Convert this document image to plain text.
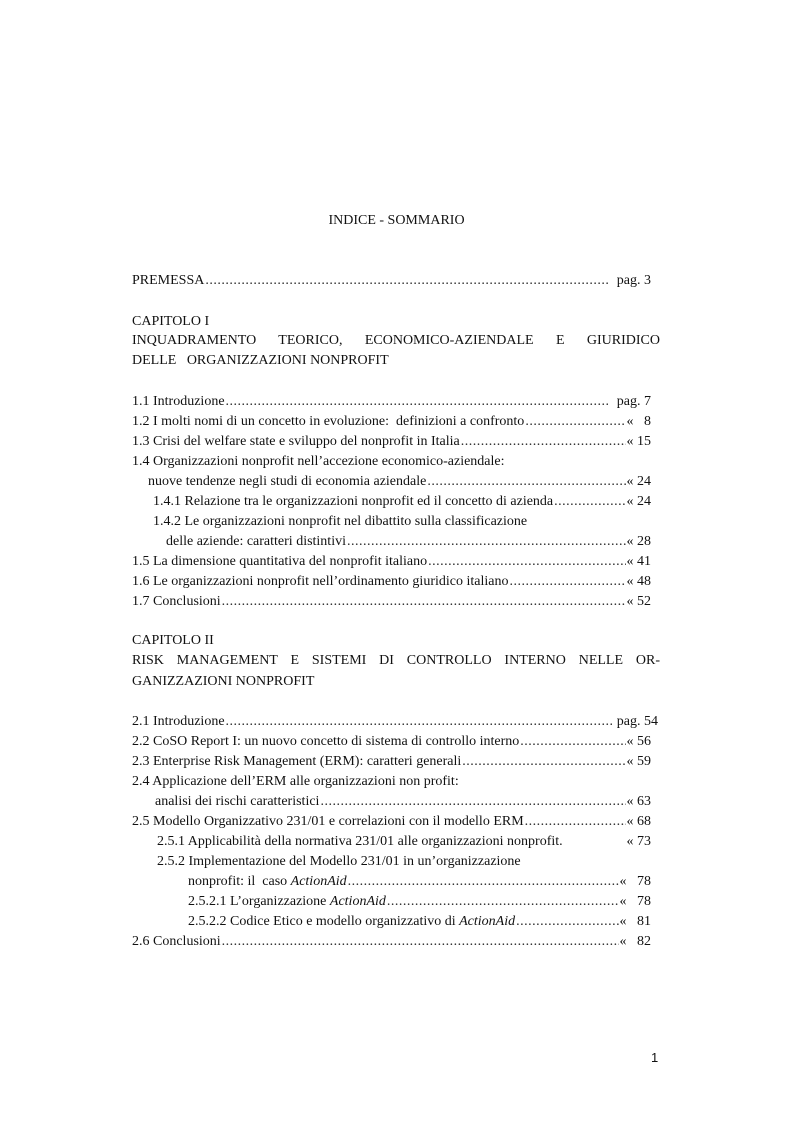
INDICE - SOMMARIO
PREMESSA .....	pag. 3
CAPITOLO I
INQUADRAMENTO TEORICO, ECONOMICO-AZIENDALE E GIURIDICO
DELLE   ORGANIZZAZIONI NONPROFIT
1.1 Introduzione .....	pag. 7
1.2 I molti nomi di un concetto in evoluzione:  definizioni a confronto .....	«   8
1.3 Crisi del welfare state e sviluppo del nonprofit in Italia .....	« 15
1.4 Organizzazioni nonprofit nell’accezione economico-aziendale:
nuove tendenze negli studi di economia aziendale .....	« 24
1.4.1 Relazione tra le organizzazioni nonprofit ed il concetto di azienda .....	« 24
1.4.2 Le organizzazioni nonprofit nel dibattito sulla classificazione
delle aziende: caratteri distintivi .....	« 28
1.5 La dimensione quantitativa del nonprofit italiano .....	« 41
1.6 Le organizzazioni nonprofit nell’ordinamento giuridico italiano .....	« 48
1.7 Conclusioni .....	« 52
CAPITOLO II
RISK MANAGEMENT E SISTEMI DI CONTROLLO INTERNO NELLE OR-
GANIZZAZIONI NONPROFIT
2.1 Introduzione .....	pag. 54
2.2 CoSO Report I: un nuovo concetto di sistema di controllo interno .....	« 56
2.3 Enterprise Risk Management (ERM): caratteri generali .....	« 59
2.4 Applicazione dell’ERM alle organizzazioni non profit:
analisi dei rischi caratteristici .....	« 63
2.5 Modello Organizzativo 231/01 e correlazioni con il modello ERM .....	« 68
2.5.1 Applicabilità della normativa 231/01 alle organizzazioni nonprofit.	« 73
2.5.2 Implementazione del Modello 231/01 in un’organizzazione
nonprofit: il  caso ActionAid .....	«   78
2.5.2.1 L’organizzazione ActionAid .....	«   78
2.5.2.2 Codice Etico e modello organizzativo di ActionAid .....	«   81
2.6 Conclusioni .....	«   82
1
